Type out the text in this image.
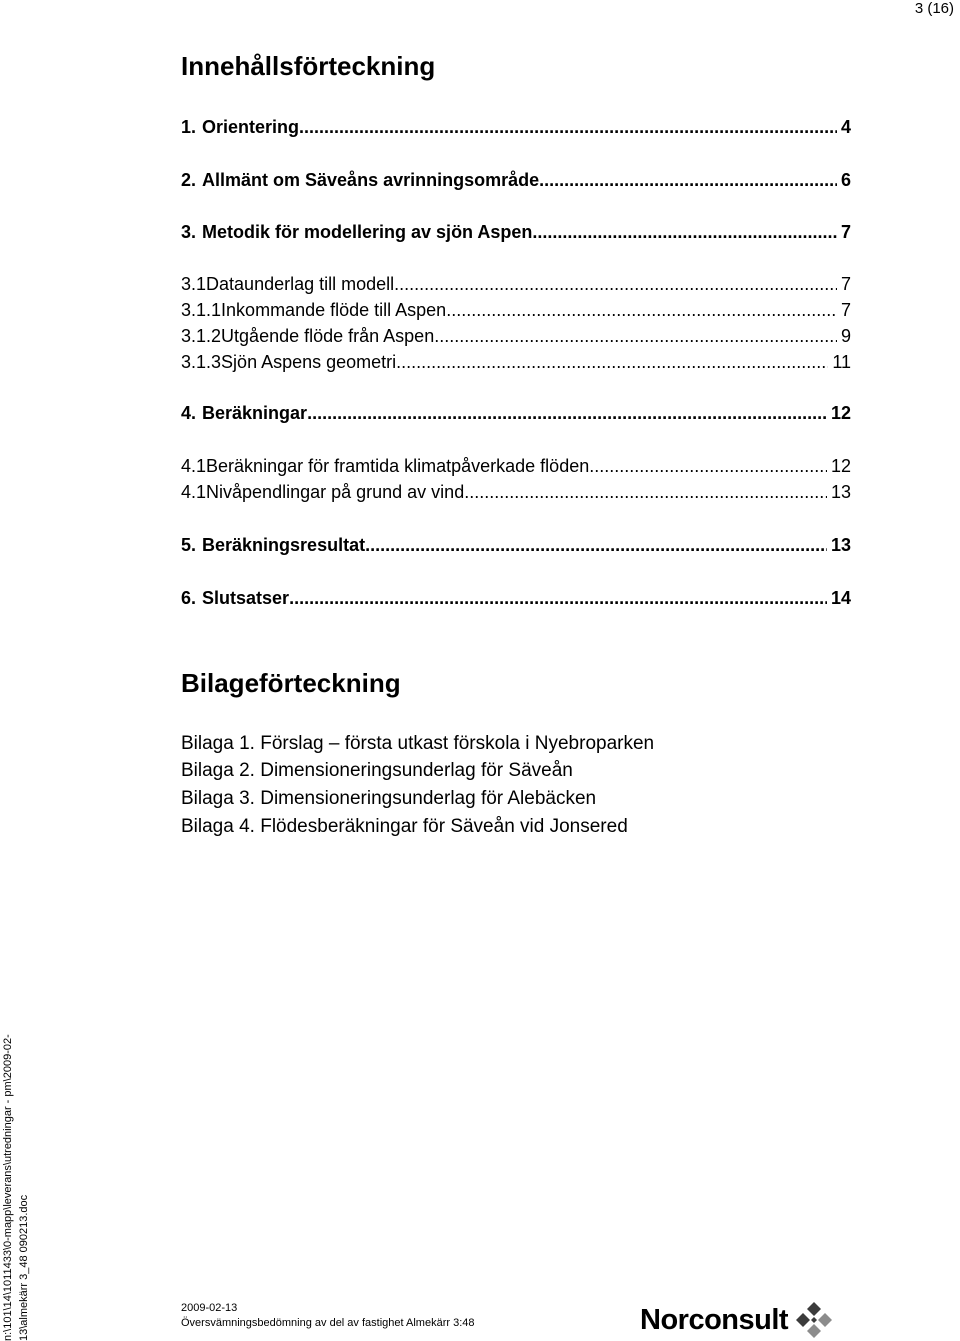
3 (16)
Innehållsförteckning
1. Orientering .....	4
2. Allmänt om Säveåns avrinningsområde .....	6
3. Metodik för modellering av sjön Aspen .....	7
3.1 Dataunderlag till modell .....	7
3.1.1 Inkommande flöde till Aspen .....	7
3.1.2 Utgående flöde från Aspen .....	9
3.1.3 Sjön Aspens geometri .....	11
4. Beräkningar .....	12
4.1 Beräkningar för framtida klimatpåverkade flöden .....	12
4.1 Nivåpendlingar på grund av vind .....	13
5. Beräkningsresultat .....	13
6. Slutsatser .....	14
Bilageförteckning

Bilaga 1. Förslag – första utkast förskola i Nyebroparken

Bilaga 2. Dimensioneringsunderlag för Säveån

Bilaga 3. Dimensioneringsunderlag för Alebäcken

Bilaga 4. Flödesberäkningar för Säveån vid Jonsered

n:\101\14\1011433\0-mapp\leverans\utredningar - pm\2009-02- 13\almekärr 3_48 090213.doc	2009-02-13
Översvämningsbedömning av del av fastighet Almekärr 3:48	Norconsult
